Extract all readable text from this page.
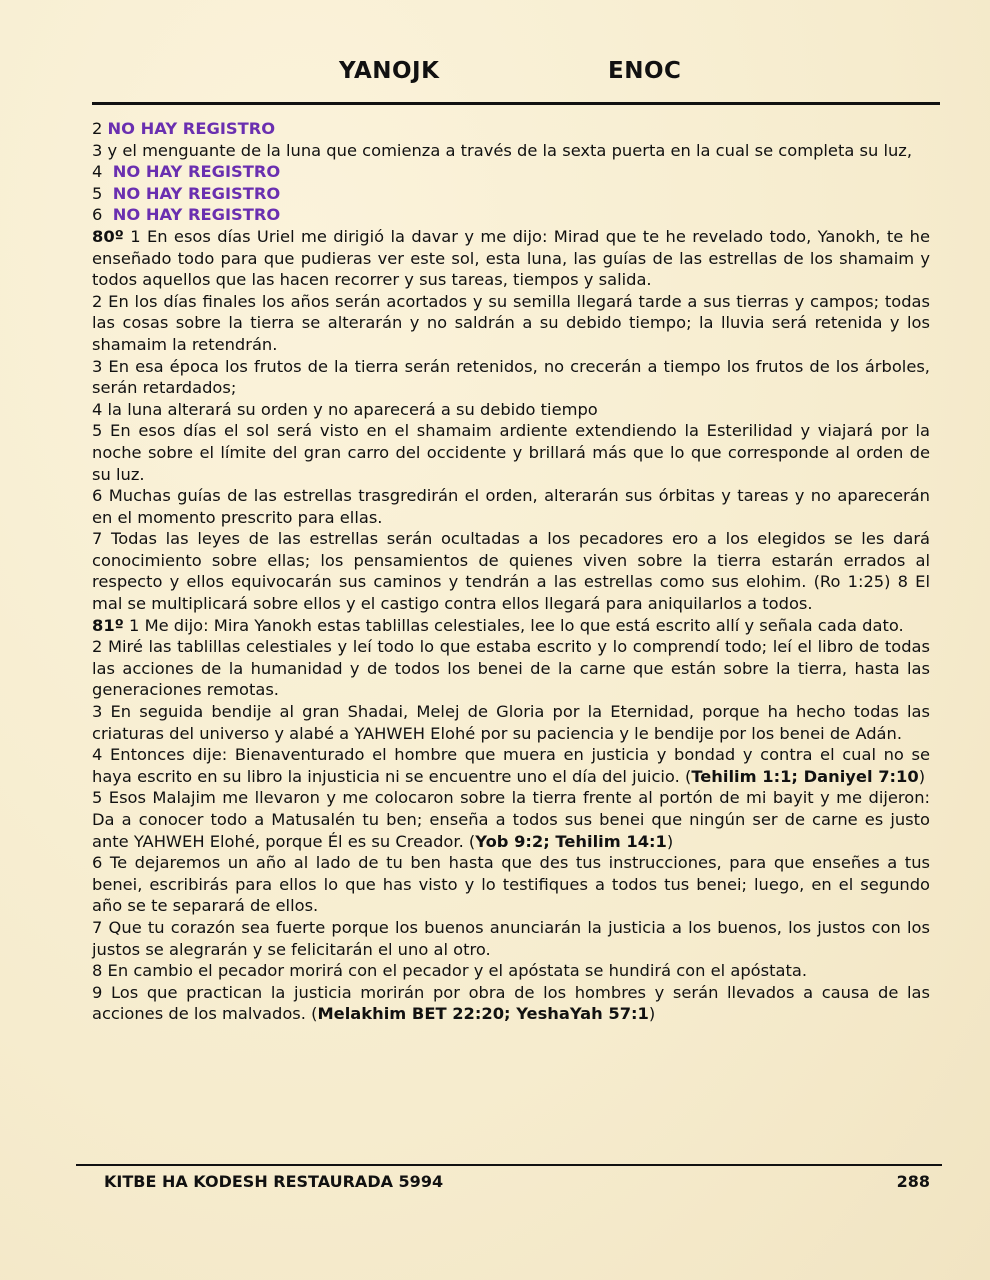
YANOJK	ENOC

2 NO HAY REGISTRO

3 y el menguante de la luna que comienza a través de la sexta puerta en la cual se completa su luz,

4 NO HAY REGISTRO

5 NO HAY REGISTRO

6 NO HAY REGISTRO

80º 1 En esos días Uriel me dirigió la davar y me dijo: Mirad que te he revelado todo, Yanokh, te he enseñado todo para que pudieras ver este sol, esta luna, las guías de las estrellas de los shamaim y todos aquellos que las hacen recorrer y sus tareas, tiempos y salida.

2 En los días finales los años serán acortados y su semilla llegará tarde a sus tierras y campos; todas las cosas sobre la tierra se alterarán y no saldrán a su debido tiempo; la lluvia será retenida y los shamaim la retendrán.

3 En esa época los frutos de la tierra serán retenidos, no crecerán a tiempo los frutos de los árboles, serán retardados;

4 la luna alterará su orden y no aparecerá a su debido tiempo

5 En esos días el sol será visto en el shamaim ardiente extendiendo la Esterilidad y viajará por la noche sobre el límite del gran carro del occidente y brillará más que lo que corresponde al orden de su luz.

6 Muchas guías de las estrellas trasgredirán el orden, alterarán sus órbitas y tareas y no aparecerán en el momento prescrito para ellas.

7 Todas las leyes de las estrellas serán ocultadas a los pecadores ero a los elegidos se les dará conocimiento sobre ellas; los pensamientos de quienes viven sobre la tierra estarán errados al respecto y ellos equivocarán sus caminos y tendrán a las estrellas como sus elohim. (Ro 1:25) 8 El mal se multiplicará sobre ellos y el castigo contra ellos llegará para aniquilarlos a todos.

81º 1 Me dijo: Mira Yanokh estas tablillas celestiales, lee lo que está escrito allí y señala cada dato.

2 Miré las tablillas celestiales y leí todo lo que estaba escrito y lo comprendí todo; leí el libro de todas las acciones de la humanidad y de todos los benei de la carne que están sobre la tierra, hasta las generaciones remotas.

3 En seguida bendije al gran Shadai, Melej de Gloria por la Eternidad, porque ha hecho todas las criaturas del universo y alabé a YAHWEH Elohé por su paciencia y le bendije por los benei de Adán.

4 Entonces dije: Bienaventurado el hombre que muera en justicia y bondad y contra el cual no se haya escrito en su libro la injusticia ni se encuentre uno el día del juicio. (Tehilim 1:1; Daniyel 7:10)

5 Esos Malajim me llevaron y me colocaron sobre la tierra frente al portón de mi bayit y me dijeron: Da a conocer todo a Matusalén tu ben; enseña a todos sus benei que ningún ser de carne es justo ante YAHWEH Elohé, porque Él es su Creador. (Yob 9:2; Tehilim 14:1)

6 Te dejaremos un año al lado de tu ben hasta que des tus instrucciones, para que enseñes a tus benei, escribirás para ellos lo que has visto y lo testifiques a todos tus benei; luego, en el segundo año se te separará de ellos.

7 Que tu corazón sea fuerte porque los buenos anunciarán la justicia a los buenos, los justos con los justos se alegrarán y se felicitarán el uno al otro.

8 En cambio el pecador morirá con el pecador y el apóstata se hundirá con el apóstata.

9 Los que practican la justicia morirán por obra de los hombres y serán llevados a causa de las acciones de los malvados. (Melakhim BET 22:20; YeshaYah 57:1)

KITBE HA KODESH RESTAURADA 5994	288
